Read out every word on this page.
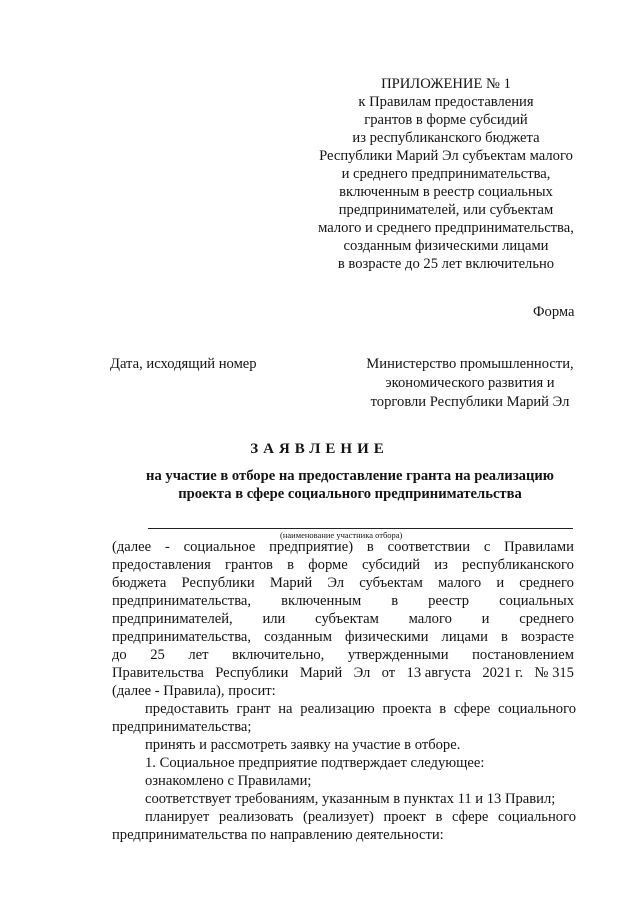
ПРИЛОЖЕНИЕ № 1
к Правилам предоставления
грантов в форме субсидий
из республиканского бюджета
Республики Марий Эл субъектам малого
и среднего предпринимательства,
включенным в реестр социальных
предпринимателей, или субъектам
малого и среднего предпринимательства,
созданным физическими лицами
в возрасте до 25 лет включительно
Форма
Дата, исходящий номер	Министерство промышленности,
экономического развития и
торговли Республики Марий Эл
ЗАЯВЛЕНИЕ
на участие в отборе на предоставление гранта на реализацию
проекта в сфере социального предпринимательства
(наименование участника отбора)
(далее - социальное предприятие) в соответствии с Правилами
предоставления грантов в форме субсидий из республиканского
бюджета Республики Марий Эл субъектам малого и среднего
предпринимательства, включенным в реестр социальных
предпринимателей, или субъектам малого и среднего
предпринимательства, созданным физическими лицами в возрасте
до 25 лет включительно, утвержденными постановлением
Правительства Республики Марий Эл от 13 августа 2021 г. № 315
(далее - Правила), просит:
предоставить грант на реализацию проекта в сфере социального
предпринимательства;
принять и рассмотреть заявку на участие в отборе.
1. Социальное предприятие подтверждает следующее:
ознакомлено с Правилами;
соответствует требованиям, указанным в пунктах 11 и 13 Правил;
планирует реализовать (реализует) проект в сфере социального
предпринимательства по направлению деятельности:
